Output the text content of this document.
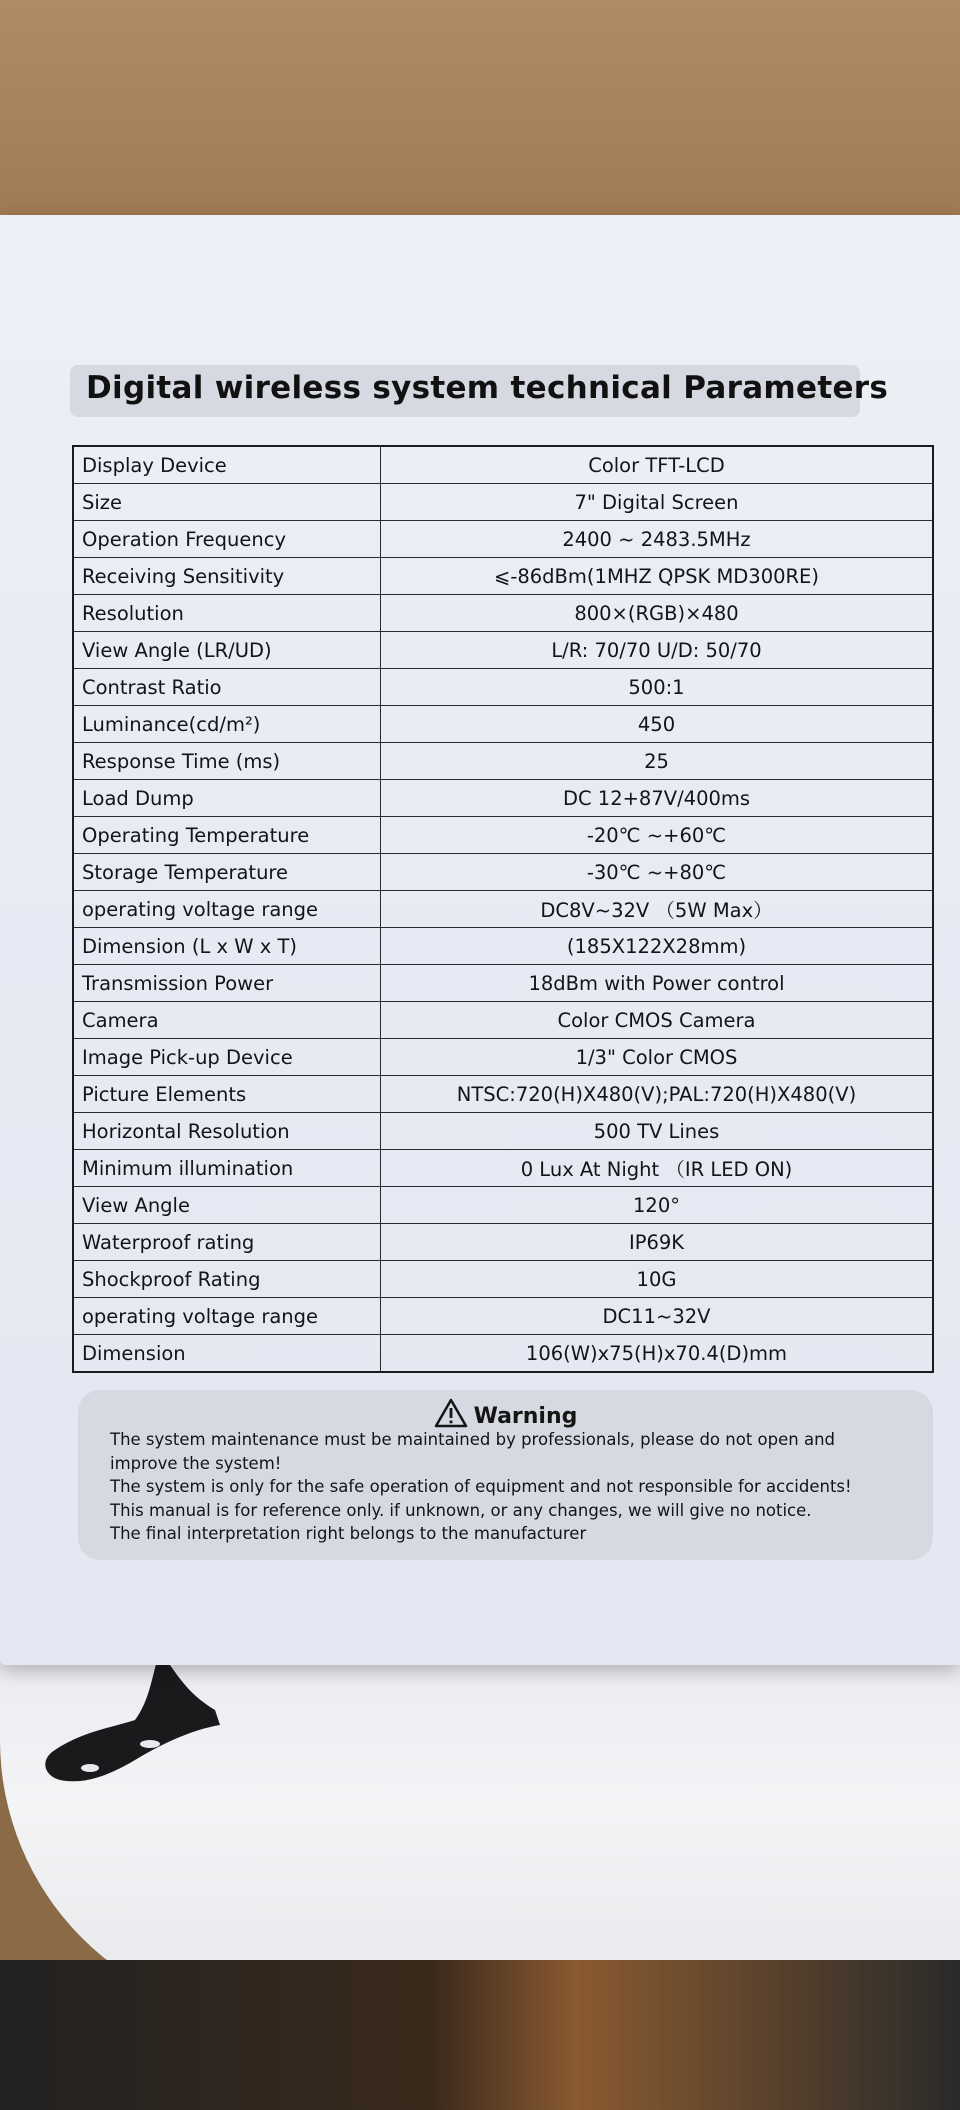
Digital wireless system technical Parameters
Display Device	Color TFT-LCD
Size	7" Digital Screen
Operation Frequency	2400 ~ 2483.5MHz
Receiving Sensitivity	⩽-86dBm(1MHZ QPSK MD300RE)
Resolution	800×(RGB)×480
View Angle (LR/UD)	L/R: 70/70 U/D: 50/70
Contrast Ratio	500:1
Luminance(cd/m²)	450
Response Time (ms)	25
Load Dump	DC 12+87V/400ms
Operating Temperature	-20℃ ~+60℃
Storage Temperature	-30℃ ~+80℃
operating voltage range	DC8V~32V （5W Max）
Dimension (L x W x T)	(185X122X28mm)
Transmission Power	18dBm with Power control
Camera	Color CMOS Camera
Image Pick-up Device	1/3" Color CMOS
Picture Elements	NTSC:720(H)X480(V);PAL:720(H)X480(V)
Horizontal Resolution	500 TV Lines
Minimum illumination	0 Lux At Night （IR LED ON)
View Angle	120°
Waterproof rating	IP69K
Shockproof Rating	10G
operating voltage range	DC11~32V
Dimension	106(W)x75(H)x70.4(D)mm
Warning
The system maintenance must be maintained by professionals, please do not open and
improve the system!
The system is only for the safe operation of equipment and not responsible for accidents!
This manual is for reference only. if unknown, or any changes, we will give no notice.
The final interpretation right belongs to the manufacturer
